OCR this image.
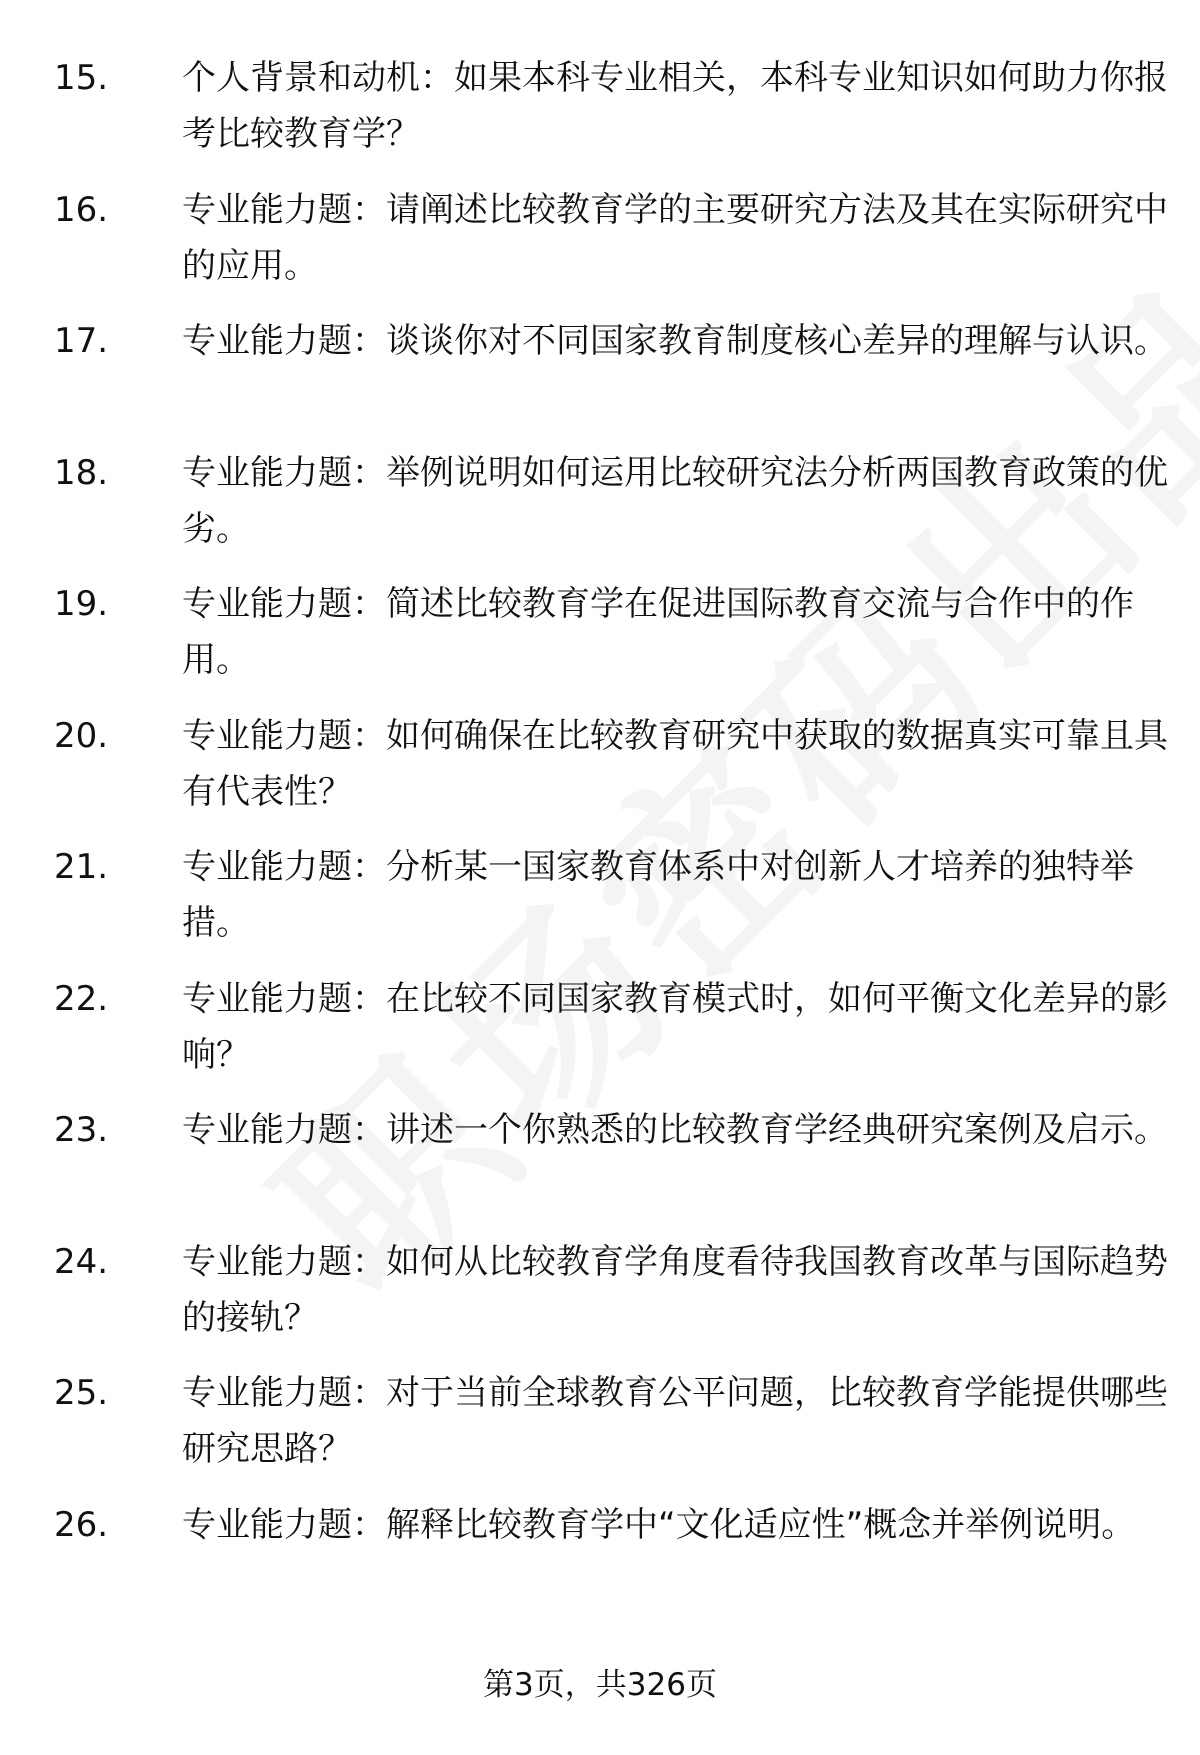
15.	个人背景和动机：如果本科专业相关，本科专业知识如何助力你报考比较教育学？
16.	专业能力题：请阐述比较教育学的主要研究方法及其在实际研究中的应用。
17.	专业能力题：谈谈你对不同国家教育制度核心差异的理解与认识。
18.	专业能力题：举例说明如何运用比较研究法分析两国教育政策的优劣。
19.	专业能力题：简述比较教育学在促进国际教育交流与合作中的作用。
20.	专业能力题：如何确保在比较教育研究中获取的数据真实可靠且具有代表性？
21.	专业能力题：分析某一国家教育体系中对创新人才培养的独特举措。
22.	专业能力题：在比较不同国家教育模式时，如何平衡文化差异的影响？
23.	专业能力题：讲述一个你熟悉的比较教育学经典研究案例及启示。
24.	专业能力题：如何从比较教育学角度看待我国教育改革与国际趋势的接轨？
25.	专业能力题：对于当前全球教育公平问题，比较教育学能提供哪些研究思路？
26.	专业能力题：解释比较教育学中“文化适应性”概念并举例说明。
第3页，共326页
